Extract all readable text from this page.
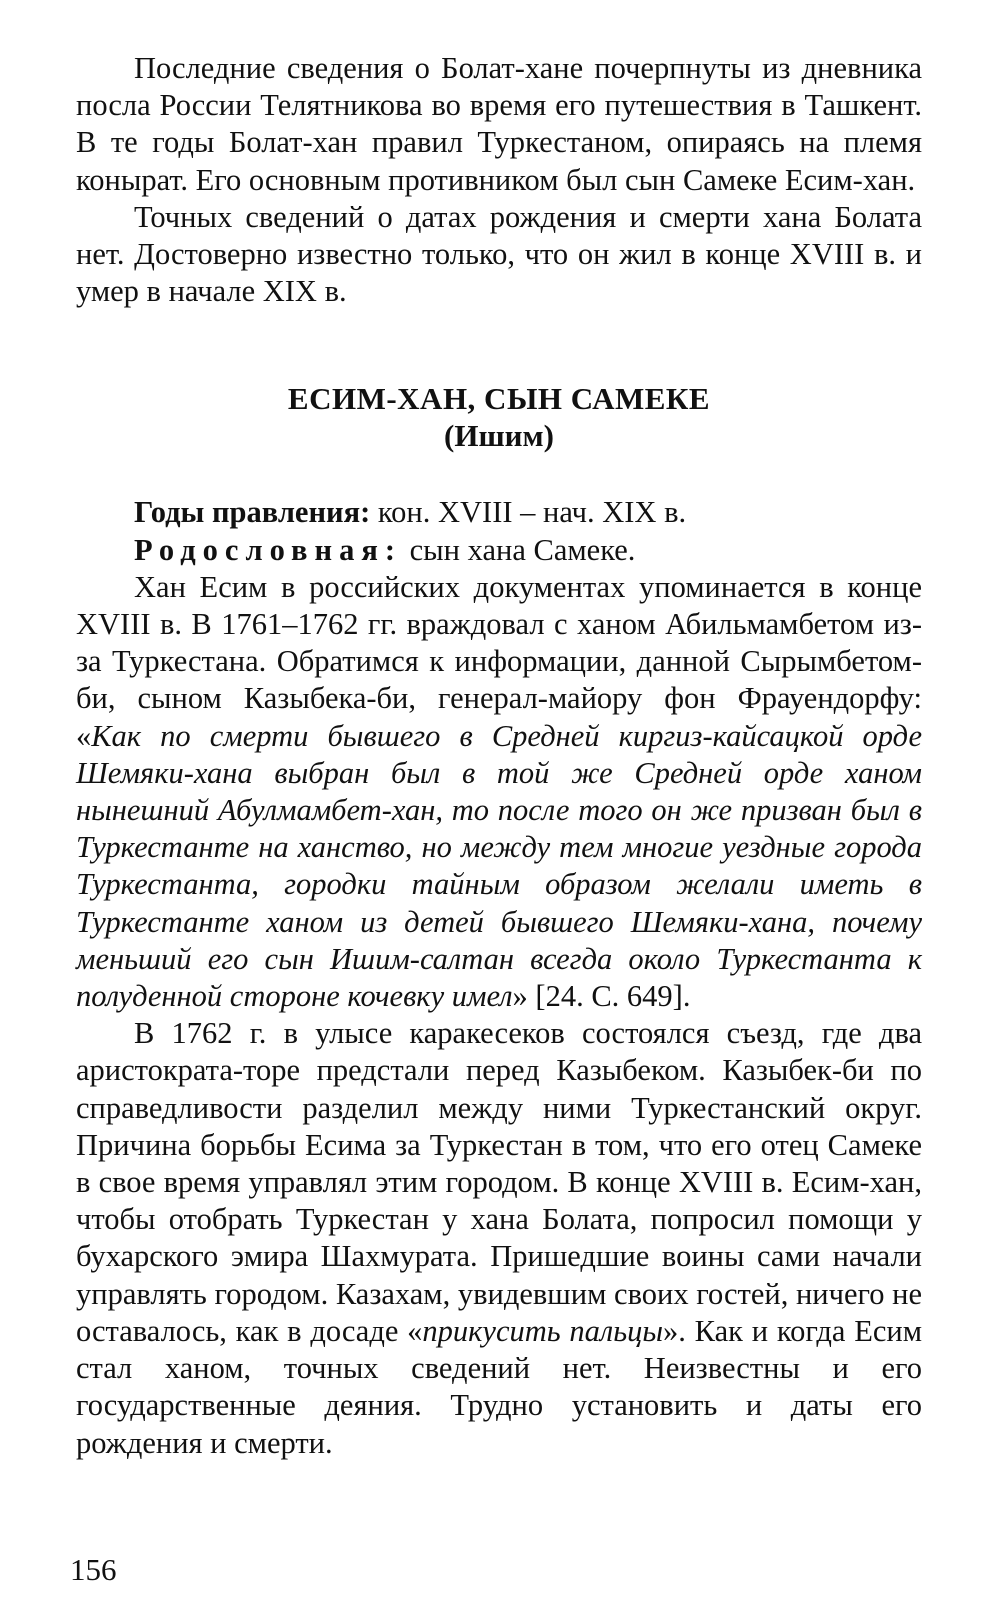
Последние сведения о Болат-хане почерпнуты из дневника посла России Телятникова во время его путешествия в Ташкент. В те годы Болат-хан правил Туркестаном, опираясь на племя конырат. Его основным противником был сын Самеке Есим-хан.

Точных сведений о датах рождения и смерти хана Болата нет. Достоверно известно только, что он жил в конце XVIII в. и умер в начале XIX в.

ЕСИМ-ХАН, СЫН САМЕКЕ
(Ишим)

Годы правления: кон. XVIII – нач. XIX в.

Родословная: сын хана Самеке.

Хан Есим в российских документах упоминается в конце XVIII в. В 1761–1762 гг. враждовал с ханом Абильмамбетом из-за Туркестана. Обратимся к информации, данной Сырымбетом-би, сыном Казыбека-би, генерал-майору фон Фрауендорфу: «Как по смерти бывшего в Средней киргиз-кайсацкой орде Шемяки-хана выбран был в той же Средней орде ханом нынешний Абулмамбет-хан, то после того он же призван был в Туркестанте на ханство, но между тем многие уездные города Туркестанта, городки тайным образом желали иметь в Туркестанте ханом из детей бывшего Шемяки-хана, почему меньший его сын Ишим-салтан всегда около Туркестанта к полуденной стороне кочевку имел» [24. С. 649].

В 1762 г. в улысе каракесеков состоялся съезд, где два аристократа-торе предстали перед Казыбеком. Казыбек-би по справедливости разделил между ними Туркестанский округ. Причина борьбы Есима за Туркестан в том, что его отец Самеке в свое время управлял этим городом. В конце XVIII в. Есим-хан, чтобы отобрать Туркестан у хана Болата, попросил помощи у бухарского эмира Шахмурата. Пришедшие воины сами начали управлять городом. Казахам, увидевшим своих гостей, ничего не оставалось, как в досаде «прикусить пальцы». Как и когда Есим стал ханом, точных сведений нет. Неизвестны и его государственные деяния. Трудно установить и даты его рождения и смерти.

156
